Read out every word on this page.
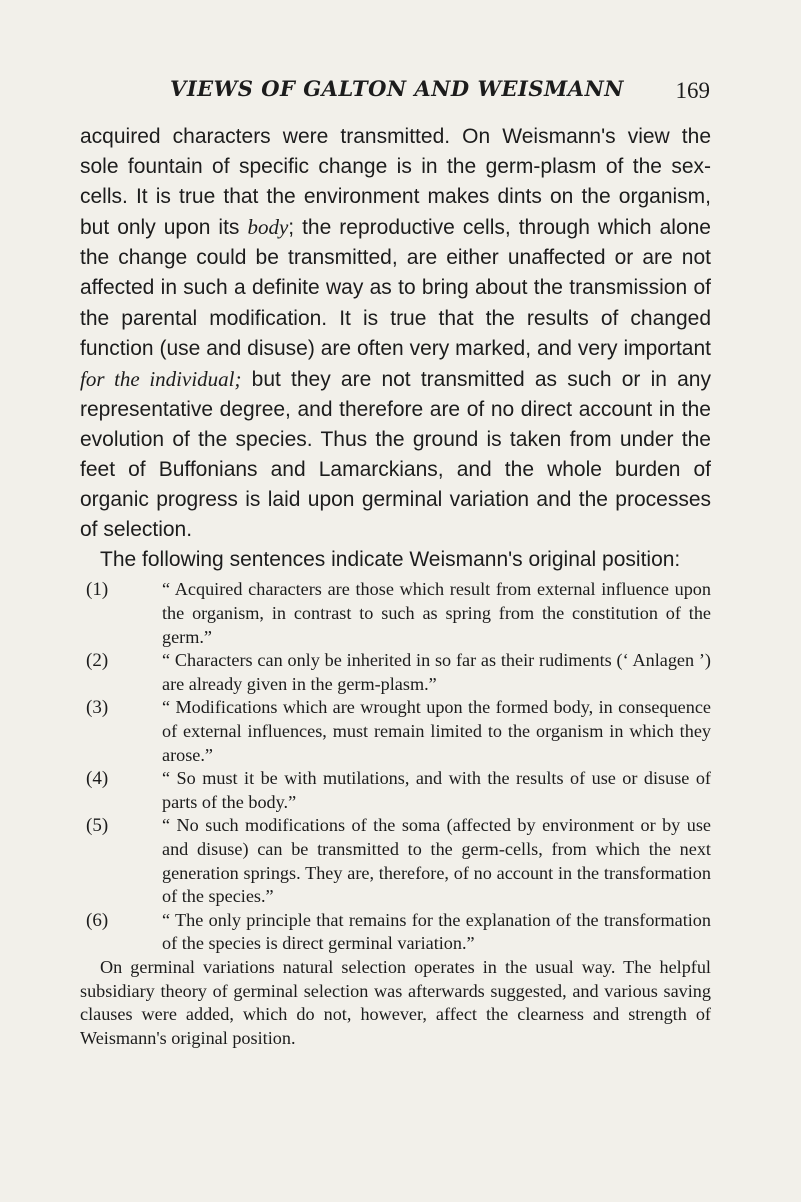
VIEWS OF GALTON AND WEISMANN	169

acquired characters were transmitted. On Weismann's view the sole fountain of specific change is in the germ-plasm of the sex-cells. It is true that the environment makes dints on the organism, but only upon its body; the reproductive cells, through which alone the change could be transmitted, are either unaffected or are not affected in such a definite way as to bring about the transmission of the parental modification. It is true that the results of changed function (use and disuse) are often very marked, and very important for the individual; but they are not transmitted as such or in any representative degree, and therefore are of no direct account in the evolution of the species. Thus the ground is taken from under the feet of Buffonians and Lamarckians, and the whole burden of organic progress is laid upon germinal variation and the processes of selection.

The following sentences indicate Weismann's original position:

(1)	“ Acquired characters are those which result from external influence upon the organism, in contrast to such as spring from the constitution of the germ.”
(2)	“ Characters can only be inherited in so far as their rudiments (‘ Anlagen ’) are already given in the germ-plasm.”
(3)	“ Modifications which are wrought upon the formed body, in consequence of external influences, must remain limited to the organism in which they arose.”
(4)	“ So must it be with mutilations, and with the results of use or disuse of parts of the body.”
(5)	“ No such modifications of the soma (affected by environment or by use and disuse) can be transmitted to the germ-cells, from which the next generation springs. They are, therefore, of no account in the transformation of the species.”
(6)	“ The only principle that remains for the explanation of the transformation of the species is direct germinal variation.”

On germinal variations natural selection operates in the usual way. The helpful subsidiary theory of germinal selection was afterwards suggested, and various saving clauses were added, which do not, however, affect the clearness and strength of Weismann's original position.
